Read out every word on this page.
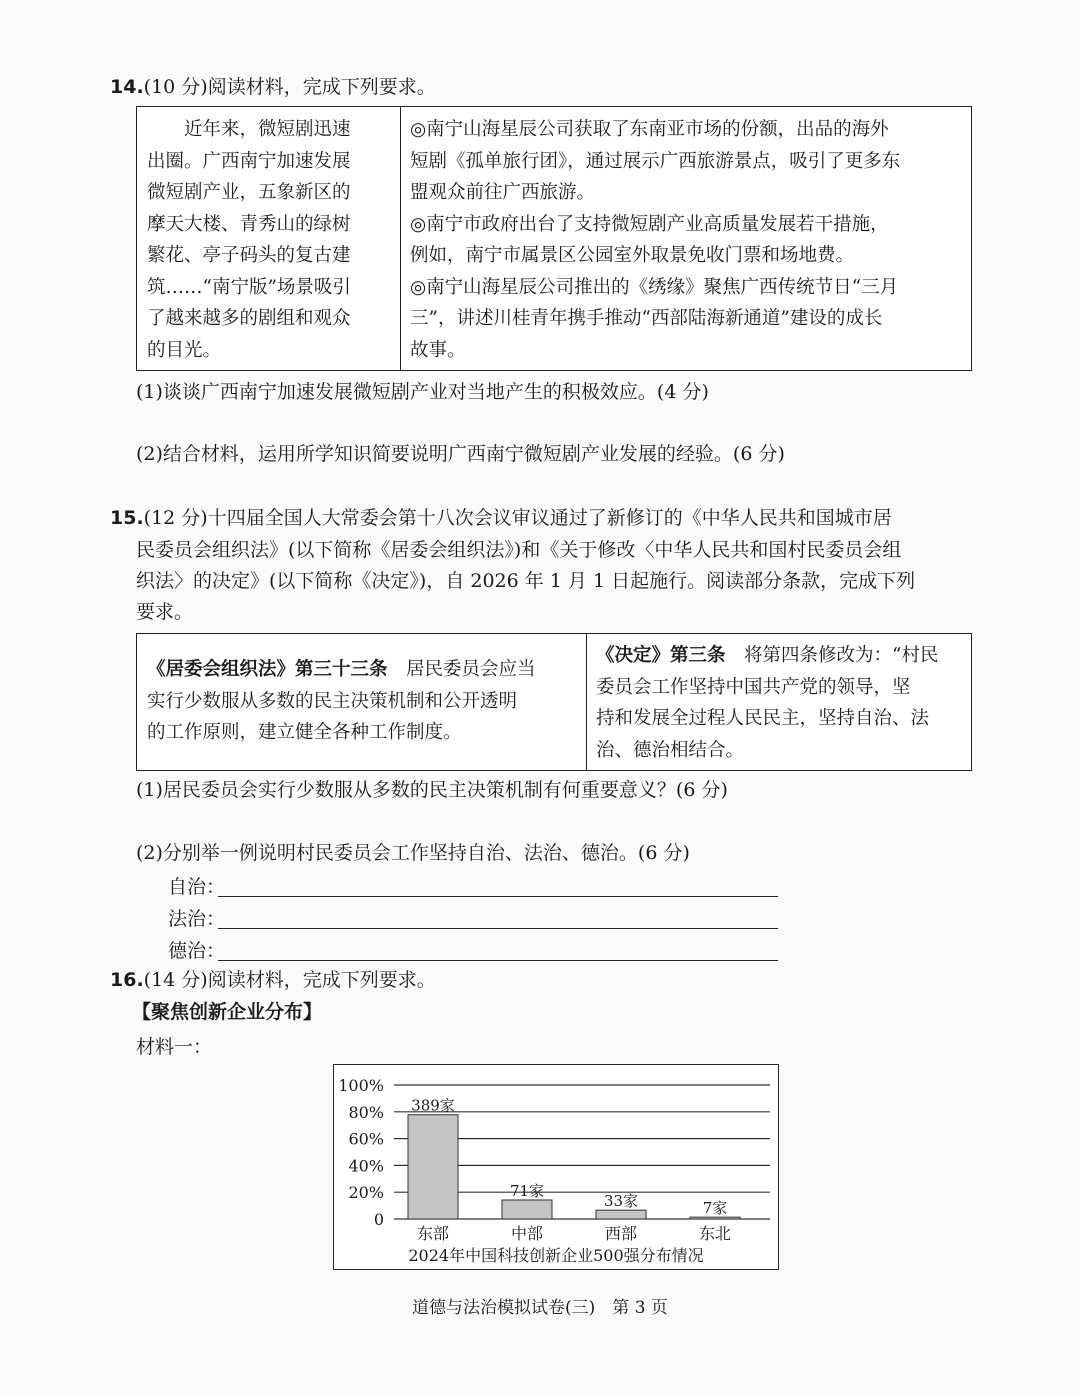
14.(10 分)阅读材料，完成下列要求。

　　近年来，微短剧迅速

出圈。广西南宁加速发展

微短剧产业，五象新区的

摩天大楼、青秀山的绿树

繁花、亭子码头的复古建

筑……“南宁版”场景吸引

了越来越多的剧组和观众

的目光。

◎南宁山海星辰公司获取了东南亚市场的份额，出品的海外

短剧《孤单旅行团》，通过展示广西旅游景点，吸引了更多东

盟观众前往广西旅游。

◎南宁市政府出台了支持微短剧产业高质量发展若干措施，

例如，南宁市属景区公园室外取景免收门票和场地费。

◎南宁山海星辰公司推出的《绣缘》聚焦广西传统节日“三月

三”，讲述川桂青年携手推动“西部陆海新通道”建设的成长

故事。

(1)谈谈广西南宁加速发展微短剧产业对当地产生的积极效应。(4 分)
(2)结合材料，运用所学知识简要说明广西南宁微短剧产业发展的经验。(6 分)
15.(12 分)十四届全国人大常委会第十八次会议审议通过了新修订的《中华人民共和国城市居
民委员会组织法》(以下简称《居委会组织法》)和《关于修改〈中华人民共和国村民委员会组
织法〉的决定》(以下简称《决定》)，自 2026 年 1 月 1 日起施行。阅读部分条款，完成下列
要求。

《居委会组织法》第三十三条　居民委员会应当

实行少数服从多数的民主决策机制和公开透明

的工作原则，建立健全各种工作制度。

《决定》第三条　将第四条修改为：“村民

委员会工作坚持中国共产党的领导，坚

持和发展全过程人民民主，坚持自治、法

治、德治相结合。

(1)居民委员会实行少数服从多数的民主决策机制有何重要意义？(6 分)
(2)分别举一例说明村民委员会工作坚持自治、法治、德治。(6 分)
自治：
法治：
德治：
16.(14 分)阅读材料，完成下列要求。
【聚焦创新企业分布】
材料一：
100%
80%
60%
40%
20%
0
389家
东部
71家
中部
33家
西部
7家
东北
2024年中国科技创新企业500强分布情况
道德与法治模拟试卷(三)　第 3 页
